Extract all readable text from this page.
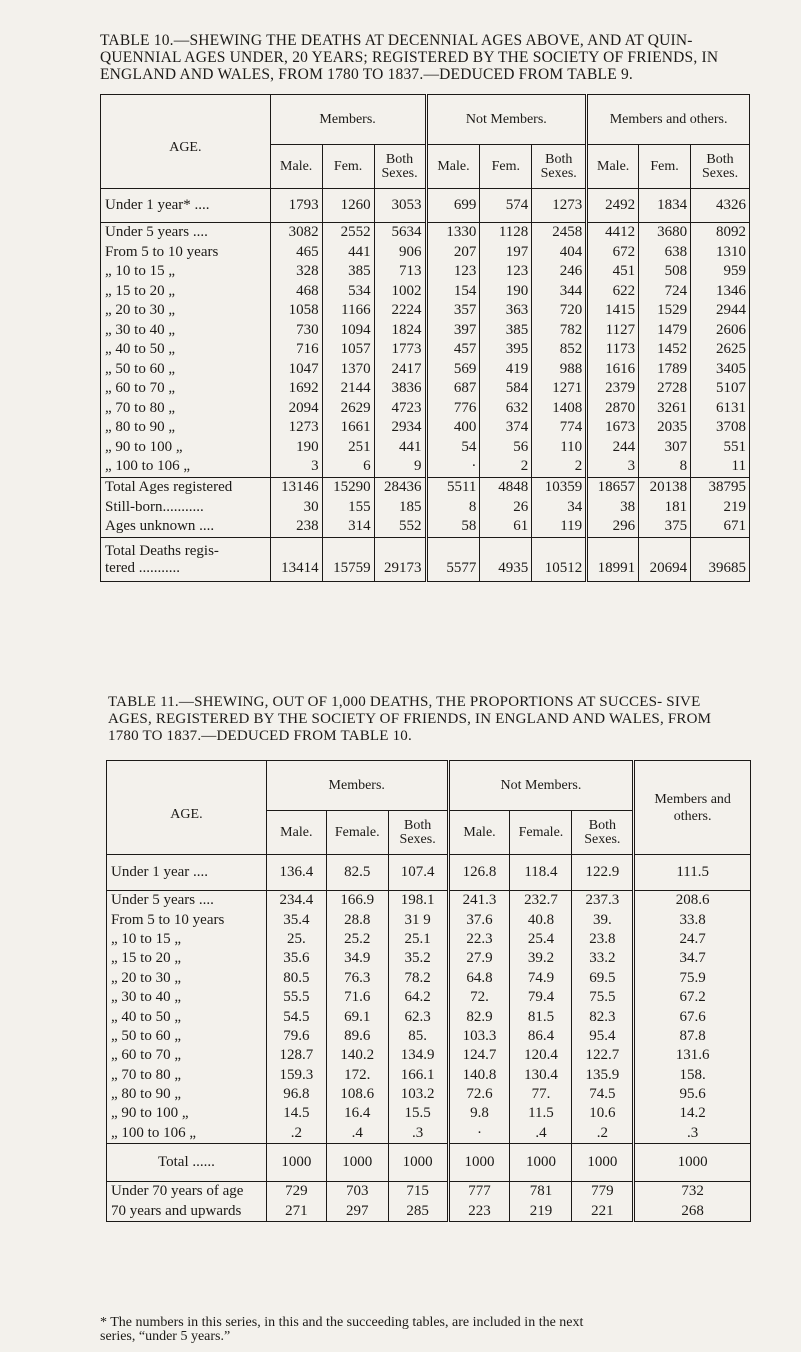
TABLE 10.—SHEWING THE DEATHS AT DECENNIAL AGES ABOVE, AND AT QUIN- QUENNIAL AGES UNDER, 20 YEARS; REGISTERED BY THE SOCIETY OF FRIENDS, IN ENGLAND AND WALES, FROM 1780 TO 1837.—DEDUCED FROM TABLE 9.
AGE.	Members.			Not Members.			Members and others.		
	Male.	Fem.	Both Sexes.	Male.	Fem.	Both Sexes.	Male.	Fem.	Both Sexes.
Under 1 year* ....	1793	1260	3053	699	574	1273	2492	1834	4326
Under 5 years ....	3082	2552	5634	1330	1128	2458	4412	3680	8092
From 5 to 10 years	465	441	906	207	197	404	672	638	1310
„ 10 to 15 „	328	385	713	123	123	246	451	508	959
„ 15 to 20 „	468	534	1002	154	190	344	622	724	1346
„ 20 to 30 „	1058	1166	2224	357	363	720	1415	1529	2944
„ 30 to 40 „	730	1094	1824	397	385	782	1127	1479	2606
„ 40 to 50 „	716	1057	1773	457	395	852	1173	1452	2625
„ 50 to 60 „	1047	1370	2417	569	419	988	1616	1789	3405
„ 60 to 70 „	1692	2144	3836	687	584	1271	2379	2728	5107
„ 70 to 80 „	2094	2629	4723	776	632	1408	2870	3261	6131
„ 80 to 90 „	1273	1661	2934	400	374	774	1673	2035	3708
„ 90 to 100 „	190	251	441	54	56	110	244	307	551
„ 100 to 106 „	3	6	9	·	2	2	3	8	11
Total Ages registered	13146	15290	28436	5511	4848	10359	18657	20138	38795
Still-born...........	30	155	185	8	26	34	38	181	219
Ages unknown ....	238	314	552	58	61	119	296	375	671

Total Deaths regis-
tered ...........	13414	15759	29173	5577	4935	10512	18991	20694	39685
TABLE 11.—SHEWING, OUT OF 1,000 DEATHS, THE PROPORTIONS AT SUCCES- SIVE AGES, REGISTERED BY THE SOCIETY OF FRIENDS, IN ENGLAND AND WALES, FROM 1780 TO 1837.—DEDUCED FROM TABLE 10.
AGE.	Members.			Not Members.			Members and others.
	Male.	Female.	Both Sexes.	Male.	Female.	Both Sexes.	
Under 1 year ....	136.4	82.5	107.4	126.8	118.4	122.9	111.5
Under 5 years ....	234.4	166.9	198.1	241.3	232.7	237.3	208.6
From 5 to 10 years	35.4	28.8	31 9	37.6	40.8	39.	33.8
„ 10 to 15 „	25.	25.2	25.1	22.3	25.4	23.8	24.7
„ 15 to 20 „	35.6	34.9	35.2	27.9	39.2	33.2	34.7
„ 20 to 30 „	80.5	76.3	78.2	64.8	74.9	69.5	75.9
„ 30 to 40 „	55.5	71.6	64.2	72.	79.4	75.5	67.2
„ 40 to 50 „	54.5	69.1	62.3	82.9	81.5	82.3	67.6
„ 50 to 60 „	79.6	89.6	85.	103.3	86.4	95.4	87.8
„ 60 to 70 „	128.7	140.2	134.9	124.7	120.4	122.7	131.6
„ 70 to 80 „	159.3	172.	166.1	140.8	130.4	135.9	158.
„ 80 to 90 „	96.8	108.6	103.2	72.6	77.	74.5	95.6
„ 90 to 100 „	14.5	16.4	15.5	9.8	11.5	10.6	14.2
„ 100 to 106 „	.2	.4	.3	·	.4	.2	.3
Total ......	1000	1000	1000	1000	1000	1000	1000
Under 70 years of age	729	703	715	777	781	779	732
70 years and upwards	271	297	285	223	219	221	268
* The numbers in this series, in this and the succeeding tables, are included in the next
series, “under 5 years.”
